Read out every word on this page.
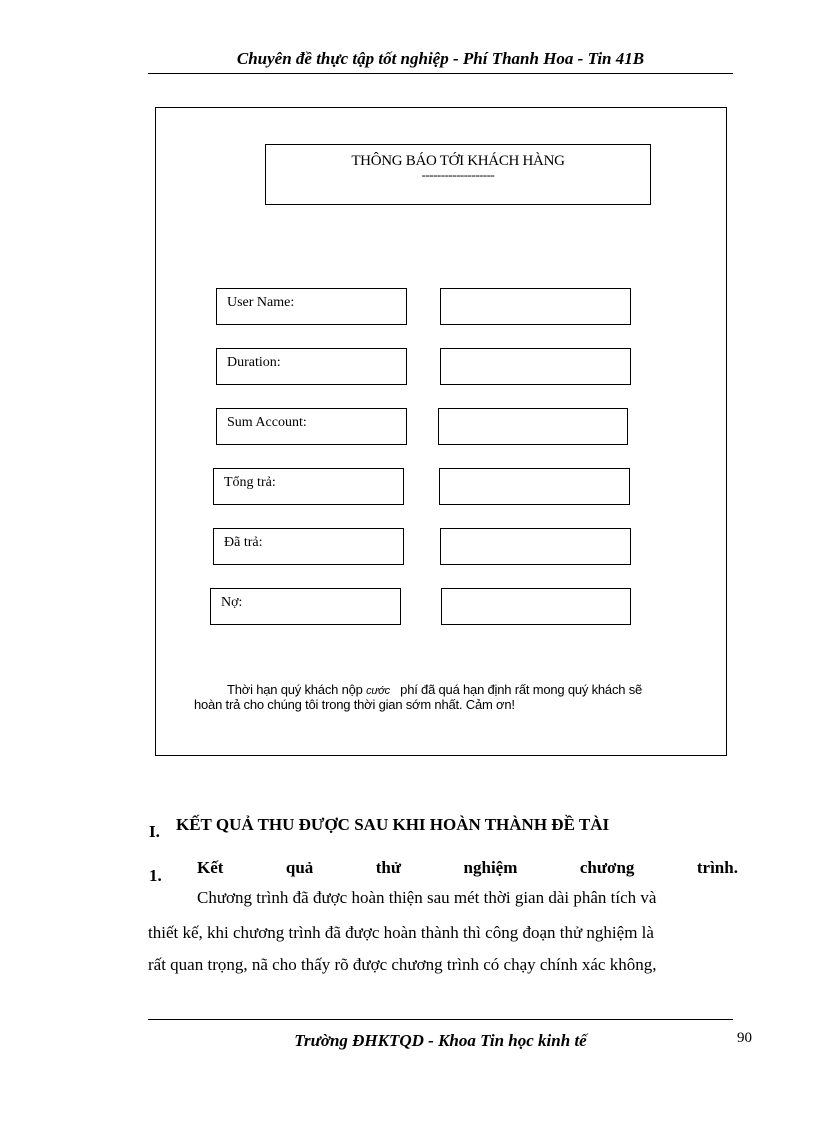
Chuyên đề thực tập tốt nghiệp - Phí Thanh Hoa - Tin 41B
THÔNG BÁO TỚI KHÁCH HÀNG
-------------------
User Name:
Duration:
Sum Account:
Tổng trả:
Đã trả:
Nợ:
Thời hạn quý khách nộp cước phí đã quá hạn định rất mong quý khách sẽ
hoàn trả cho chúng tôi trong thời gian sớm nhất. Cảm ơn!
I. KẾT QUẢ THU ĐƯỢC SAU KHI HOÀN THÀNH ĐỀ TÀI
1. Kết	quả	thử	nghiệm	chương	trình.
Chương trình đã được hoàn thiện sau mét thời gian dài phân tích và
thiết kế, khi chương trình đã được hoàn thành thì công đoạn thử nghiệm là
rất quan trọng, nã cho thấy rõ được chương trình có chạy chính xác không,
Trường ĐHKTQD - Khoa Tin học kinh tế	90
